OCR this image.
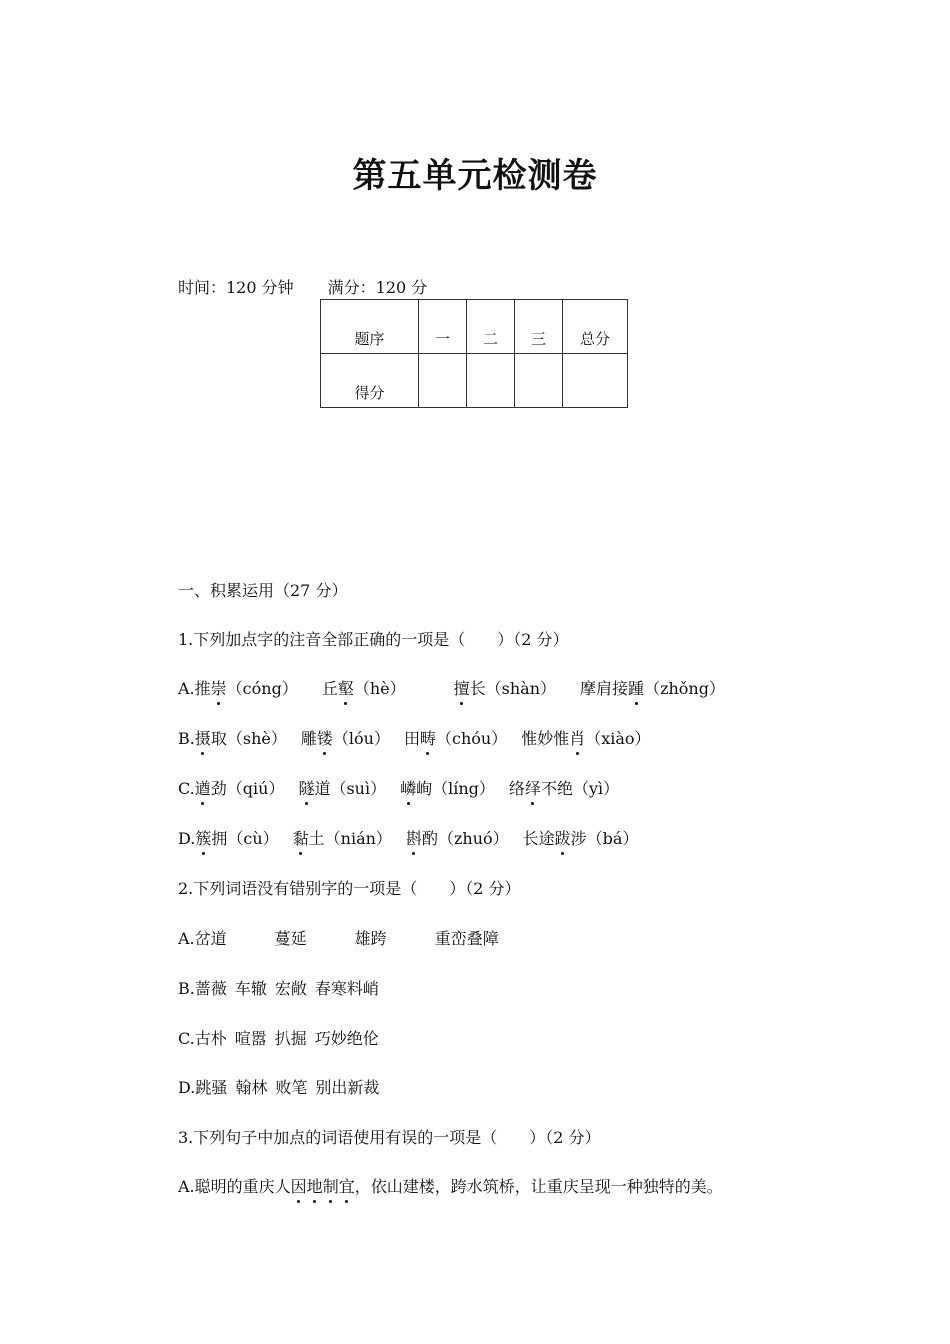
第五单元检测卷
时间：120 分钟 满分：120 分
题序	一	二	三	总分
得分				
一、积累运用（27 分）
1.下列加点字的注音全部正确的一项是（　　）（2 分）
A.推崇（cóng） 丘壑（hè）	擅长（shàn） 摩肩接踵（zhǒng）
B.摄取（shè） 雕镂（lóu） 田畴（chóu） 惟妙惟肖（xiào）
C.遒劲（qiú） 隧道（suì） 嶙峋（líng） 络绎不绝（yì）
D.簇拥（cù） 黏土（nián） 斟酌（zhuó） 长途跋涉（bá）
2.下列词语没有错别字的一项是（　　）（2 分）
A.岔道	蔓延	雄跨	重峦叠障
B.蔷薇 车辙 宏敞 春寒料峭
C.古朴 喧嚣 扒掘 巧妙绝伦
D.跳骚 翰林 败笔 别出新裁
3.下列句子中加点的词语使用有误的一项是（　　）（2 分）
A.聪明的重庆人因地制宜，依山建楼，跨水筑桥，让重庆呈现一种独特的美。
